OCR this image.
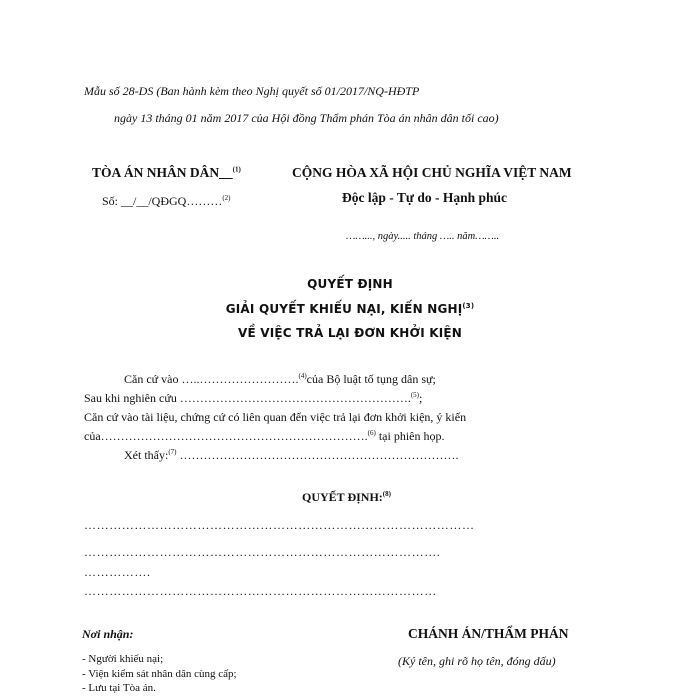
Mẫu số 28-DS (Ban hành kèm theo Nghị quyết số 01/2017/NQ-HĐTP
ngày 13 tháng 01 năm 2017 của Hội đồng Thẩm phán Tòa án nhân dân tối cao)
TÒA ÁN NHÂN DÂN__$^{(1)}$
Số: __/__/QĐGQ………$^{(2)}$
CỘNG HÒA XÃ HỘI CHỦ NGHĨA VIỆT NAM
Độc lập - Tự do - Hạnh phúc
……..., ngày..... tháng ….. năm……..
QUYẾT ĐỊNH
GIẢI QUYẾT KHIẾU NẠI, KIẾN NGHỊ$^{(3)}$
VỀ VIỆC TRẢ LẠI ĐƠN KHỞI KIỆN
Căn cứ vào …..…………………….$^{(4)}$của Bộ luật tố tụng dân sự;
Sau khi nghiên cứu ………………………………………………….$^{(5)}$;
Căn cứ vào tài liệu, chứng cứ có liên quan đến việc trả lại đơn khởi kiện, ý kiến
của………………………………………………………….$^{(6)}$ tại phiên họp.
Xét thấy:$^{(7)}$ …………………………………………………………….
QUYẾT ĐỊNH:$^{(8)}$
…………………………………………………………………………………
………………………………………………………………………….
…………….
…………………………………………………………………………
Nơi nhận:
- Người khiếu nại;
- Viện kiểm sát nhân dân cùng cấp;
- Lưu tại Tòa án.
CHÁNH ÁN/THẨM PHÁN
(Ký tên, ghi rõ họ tên, đóng dấu)
